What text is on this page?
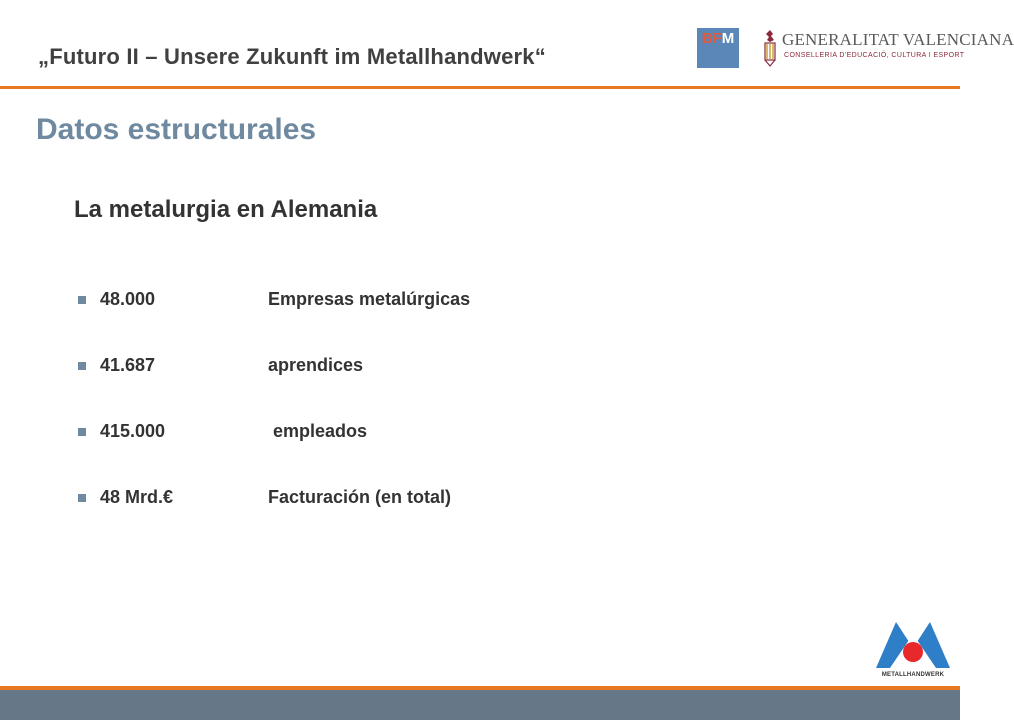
„Futuro II – Unsere Zukunft im Metallhandwerk“
BFM	GENERALITAT VALENCIANA
CONSELLERIA D'EDUCACIÓ, CULTURA I ESPORT
Datos estructurales
La metalurgia en Alemania
48.000	Empresas metalúrgicas
41.687	aprendices
415.000	empleados
48 Mrd.€	Facturación (en total)
METALLHANDWERK
